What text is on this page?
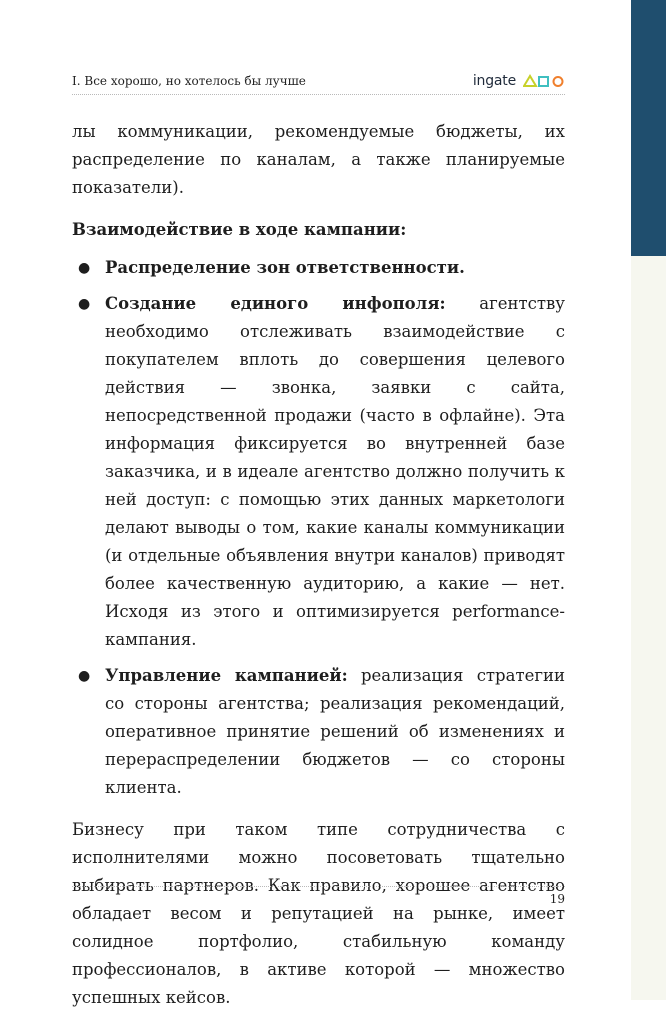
I. Все хорошо, но хотелось бы лучше	ingate

лы коммуникации, рекомендуемые бюджеты, их распределение по каналам, а также планируемые показатели).

Взаимодействие в ходе кампании:

● Распределение зон ответственности.
● Создание единого инфополя: агентству необходимо отслеживать взаимодействие с покупателем вплоть до совершения целевого действия — звонка, заявки с сайта, непосредственной продажи (часто в офлайне). Эта информация фиксируется во внутренней базе заказчика, и в идеале агентство должно получить к ней доступ: с помощью этих данных маркетологи делают выводы о том, какие каналы коммуникации (и отдельные объявления внутри каналов) приводят более качественную аудиторию, а какие — нет. Исходя из этого и оптимизируется performance-кампания.
● Управление кампанией: реализация стратегии со стороны агентства; реализация рекомендаций, оперативное принятие решений об изменениях и перераспределении бюджетов — со стороны клиента.

Бизнесу при таком типе сотрудничества с исполнителями можно посоветовать тщательно выбирать партнеров. Как правило, хорошее агентство обладает весом и репутацией на рынке, имеет солидное портфолио, стабильную команду профессионалов, в активе которой — множество успешных кейсов.

19
